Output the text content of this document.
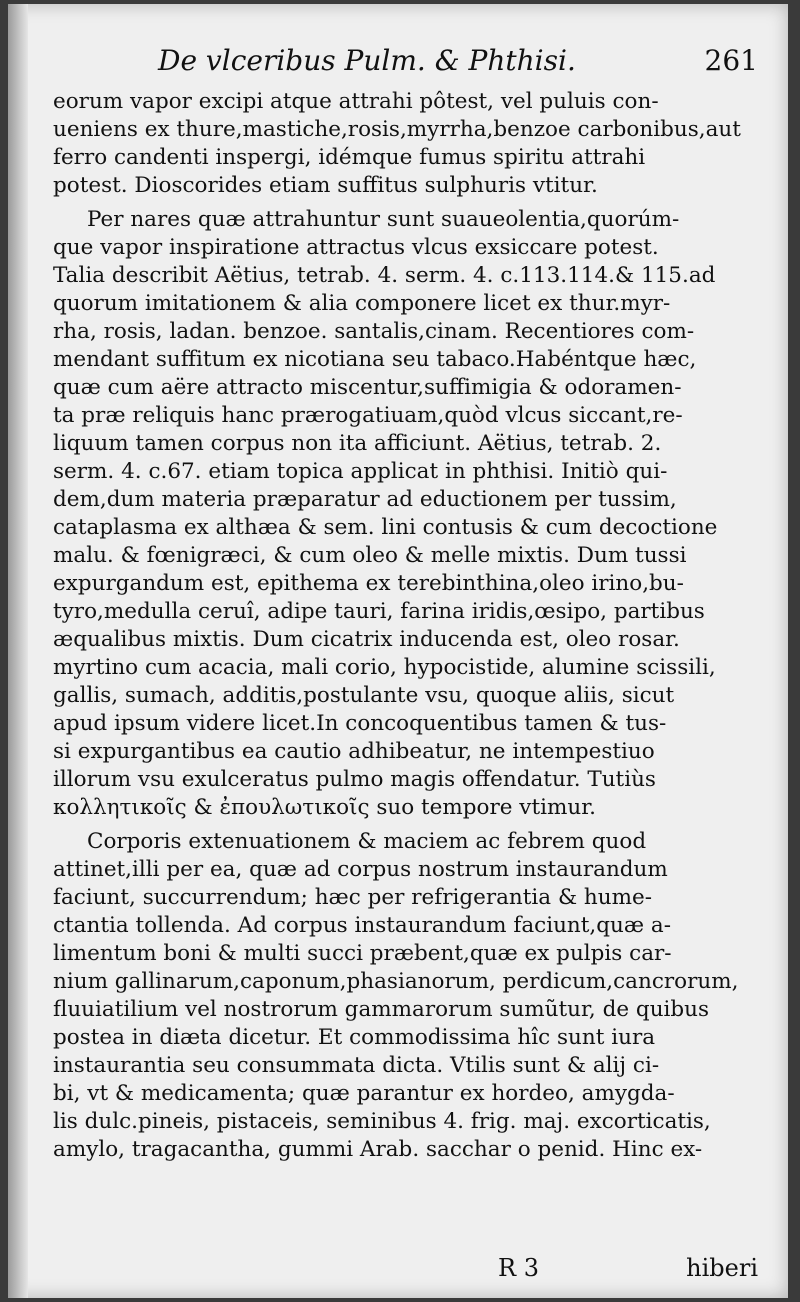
De vlceribus Pulm. & Phthisi.	261

eorum vapor excipi atque attrahi pôtest, vel puluis con-
ueniens ex thure,mastiche,rosis,myrrha,benzoe carbonibus,aut
ferro candenti inspergi, idémque fumus spiritu attrahi
potest. Dioscorides etiam suffitus sulphuris vtitur.

Per nares quæ attrahuntur sunt suaueolentia,quorúm-
que vapor inspiratione attractus vlcus exsiccare potest.
Talia describit Aëtius, tetrab. 4. serm. 4. c.113.114.& 115.ad
quorum imitationem & alia componere licet ex thur.myr-
rha, rosis, ladan. benzoe. santalis,cinam. Recentiores com-
mendant suffitum ex nicotiana seu tabaco.Habéntque hæc,
quæ cum aëre attracto miscentur,suffimigia & odoramen-
ta præ reliquis hanc prærogatiuam,quòd vlcus siccant,re-
liquum tamen corpus non ita afficiunt. Aëtius, tetrab. 2.
serm. 4. c.67. etiam topica applicat in phthisi. Initiò qui-
dem,dum materia præparatur ad eductionem per tussim,
cataplasma ex althæa & sem. lini contusis & cum decoctione
malu. & fœnigræci, & cum oleo & melle mixtis. Dum tussi
expurgandum est, epithema ex terebinthina,oleo irino,bu-
tyro,medulla ceruî, adipe tauri, farina iridis,œsipo, partibus
æqualibus mixtis. Dum cicatrix inducenda est, oleo rosar.
myrtino cum acacia, mali corio, hypocistide, alumine scissili,
gallis, sumach, additis,postulante vsu, quoque aliis, sicut
apud ipsum videre licet.In concoquentibus tamen & tus-
si expurgantibus ea cautio adhibeatur, ne intempestiuo
illorum vsu exulceratus pulmo magis offendatur. Tutiùs
κολλητικοῖς & ἐπουλωτικοῖς suo tempore vtimur.

Corporis extenuationem & maciem ac febrem quod
attinet,illi per ea, quæ ad corpus nostrum instaurandum
faciunt, succurrendum; hæc per refrigerantia & hume-
ctantia tollenda. Ad corpus instaurandum faciunt,quæ a-
limentum boni & multi succi præbent,quæ ex pulpis car-
nium gallinarum,caponum,phasianorum, perdicum,cancrorum,
fluuiatilium vel nostrorum gammarorum sumũtur, de quibus
postea in diæta dicetur. Et commodissima hîc sunt iura
instaurantia seu consummata dicta. Vtilis sunt & alij ci-
bi, vt & medicamenta; quæ parantur ex hordeo, amygda-
lis dulc.pineis, pistaceis, seminibus 4. frig. maj. excorticatis,
amylo, tragacantha, gummi Arab. sacchar o penid. Hinc ex-

R 3	hiberi
